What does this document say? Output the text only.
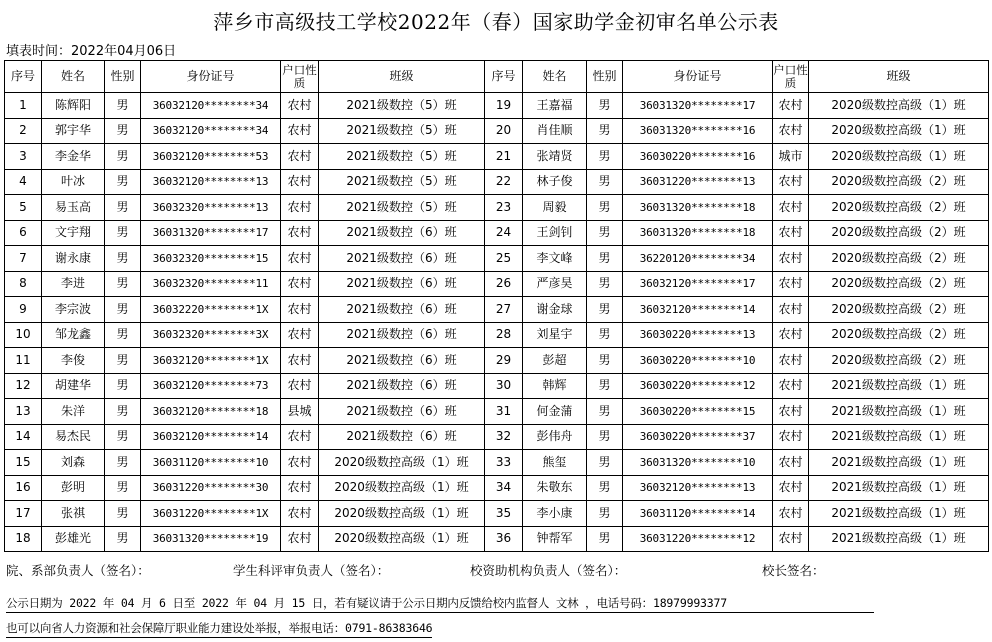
萍乡市高级技工学校2022年（春）国家助学金初审名单公示表
填表时间：2022年04月06日
序号	姓名	性别	身份证号	户口性质	班级	序号	姓名	性别	身份证号	户口性质	班级
1	陈辉阳	男	36032120********34	农村	2021级数控（5）班	19	王嘉福	男	36031320********17	农村	2020级数控高级（1）班
2	郭宇华	男	36032120********34	农村	2021级数控（5）班	20	肖佳顺	男	36031320********16	农村	2020级数控高级（1）班
3	李金华	男	36032120********53	农村	2021级数控（5）班	21	张靖贤	男	36030220********16	城市	2020级数控高级（1）班
4	叶冰	男	36032120********13	农村	2021级数控（5）班	22	林子俊	男	36031220********13	农村	2020级数控高级（2）班
5	易玉高	男	36032320********13	农村	2021级数控（5）班	23	周毅	男	36031320********18	农村	2020级数控高级（2）班
6	文宇翔	男	36031320********17	农村	2021级数控（6）班	24	王剑钊	男	36031320********18	农村	2020级数控高级（2）班
7	谢永康	男	36032320********15	农村	2021级数控（6）班	25	李文峰	男	36220120********34	农村	2020级数控高级（2）班
8	李进	男	36032320********11	农村	2021级数控（6）班	26	严彦昊	男	36032120********17	农村	2020级数控高级（2）班
9	李宗波	男	36032220********1X	农村	2021级数控（6）班	27	谢金球	男	36032120********14	农村	2020级数控高级（2）班
10	邹龙鑫	男	36032320********3X	农村	2021级数控（6）班	28	刘星宇	男	36030220********13	农村	2020级数控高级（2）班
11	李俊	男	36032120********1X	农村	2021级数控（6）班	29	彭超	男	36030220********10	农村	2020级数控高级（2）班
12	胡建华	男	36032120********73	农村	2021级数控（6）班	30	韩辉	男	36030220********12	农村	2021级数控高级（1）班
13	朱洋	男	36032120********18	县城	2021级数控（6）班	31	何金蒲	男	36030220********15	农村	2021级数控高级（1）班
14	易杰民	男	36032120********14	农村	2021级数控（6）班	32	彭伟舟	男	36030220********37	农村	2021级数控高级（1）班
15	刘森	男	36031120********10	农村	2020级数控高级（1）班	33	熊玺	男	36031320********10	农村	2021级数控高级（1）班
16	彭明	男	36031220********30	农村	2020级数控高级（1）班	34	朱敬东	男	36032120********13	农村	2021级数控高级（1）班
17	张祺	男	36031220********1X	农村	2020级数控高级（1）班	35	李小康	男	36031120********14	农村	2021级数控高级（1）班
18	彭雄光	男	36031320********19	农村	2020级数控高级（1）班	36	钟帮军	男	36031220********12	农村	2021级数控高级（1）班
院、系部负责人（签名）：	学生科评审负责人（签名）：	校资助机构负责人（签名）：	校长签名：
公示日期为 2022 年 04 月 6 日至 2022 年 04 月 15 日，若有疑议请于公示日期内反馈给校内监督人 文林 ，电话号码：18979993377
也可以向省人力资源和社会保障厅职业能力建设处举报，举报电话：0791-86383646
